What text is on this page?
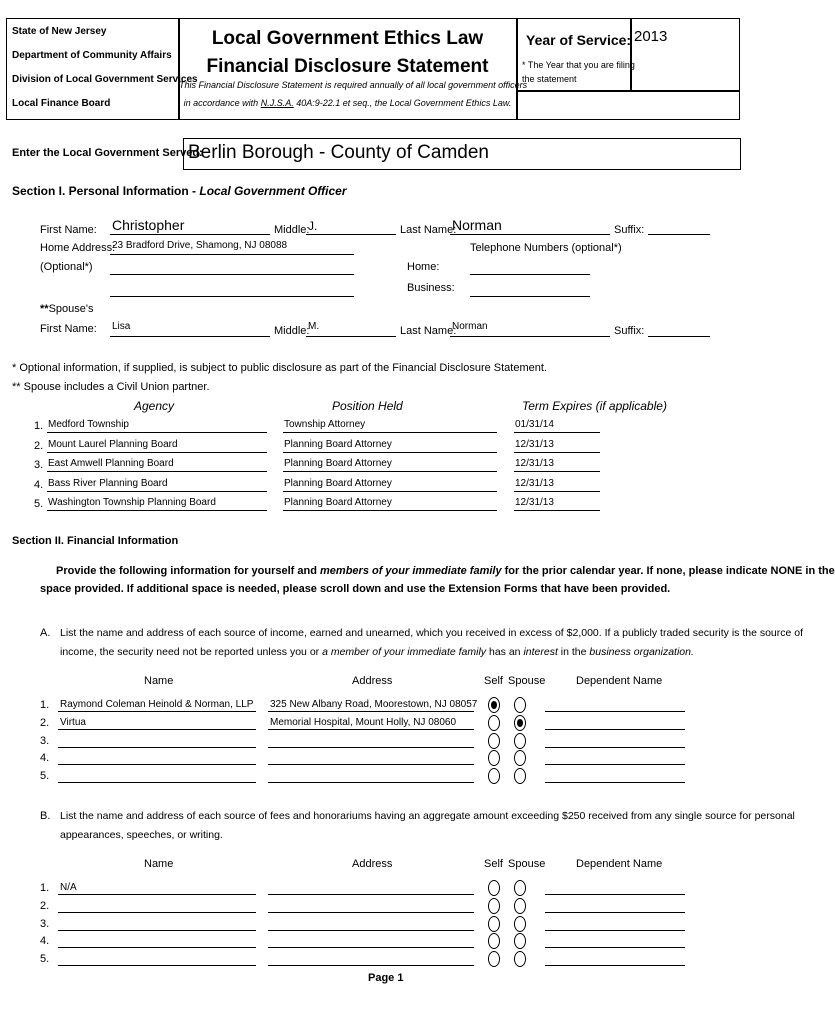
State of New Jersey
Department of Community Affairs
Division of Local Government Services
Local Finance Board
Local Government Ethics Law
Financial Disclosure Statement
This Financial Disclosure Statement is required annually of all local government officers
in accordance with N.J.S.A. 40A:9-22.1 et seq., the Local Government Ethics Law.
Year of Service:
2013
* The Year that you are filing
the statement
Enter the Local Government Served:
Berlin Borough - County of Camden
Section I. Personal Information - Local Government Officer
First Name:
Christopher	Middle:
J.	Last Name:
Norman	Suffix:
Home Address:
23 Bradford Drive, Shamong, NJ 08088
(Optional*)
Telephone Numbers (optional*)
Home:
Business:
**Spouse's
First Name:
Lisa	Middle:
M.	Last Name:
Norman	Suffix:
* Optional information, if supplied, is subject to public disclosure as part of the Financial Disclosure Statement.
** Spouse includes a Civil Union partner.
Agency	Position Held	Term Expires (if applicable)
1. Medford Township	Township Attorney	01/31/14
2. Mount Laurel Planning Board	Planning Board Attorney	12/31/13
3. East Amwell Planning Board	Planning Board Attorney	12/31/13
4. Bass River Planning Board	Planning Board Attorney	12/31/13
5. Washington Township Planning Board	Planning Board Attorney	12/31/13
Section II. Financial Information
Provide the following information for yourself and members of your immediate family for the prior calendar year. If none, please indicate NONE in the
space provided. If additional space is needed, please scroll down and use the Extension Forms that have been provided.
A. List the name and address of each source of income, earned and unearned, which you received in excess of $2,000. If a publicly traded security is the source of
income, the security need not be reported unless you or a member of your immediate family has an interest in the business organization.
Name	Address	Self Spouse	Dependent Name
1. Raymond Coleman Heinold & Norman, LLP 325 New Albany Road, Moorestown, NJ 08057
2. Virtua	Memorial Hospital, Mount Holly, NJ 08060
3.
4.
5.
B. List the name and address of each source of fees and honorariums having an aggregate amount exceeding $250 received from any single source for personal
appearances, speeches, or writing.
Name	Address	Self Spouse	Dependent Name
1. N/A
2.
3.
4.
5.
Page 1
